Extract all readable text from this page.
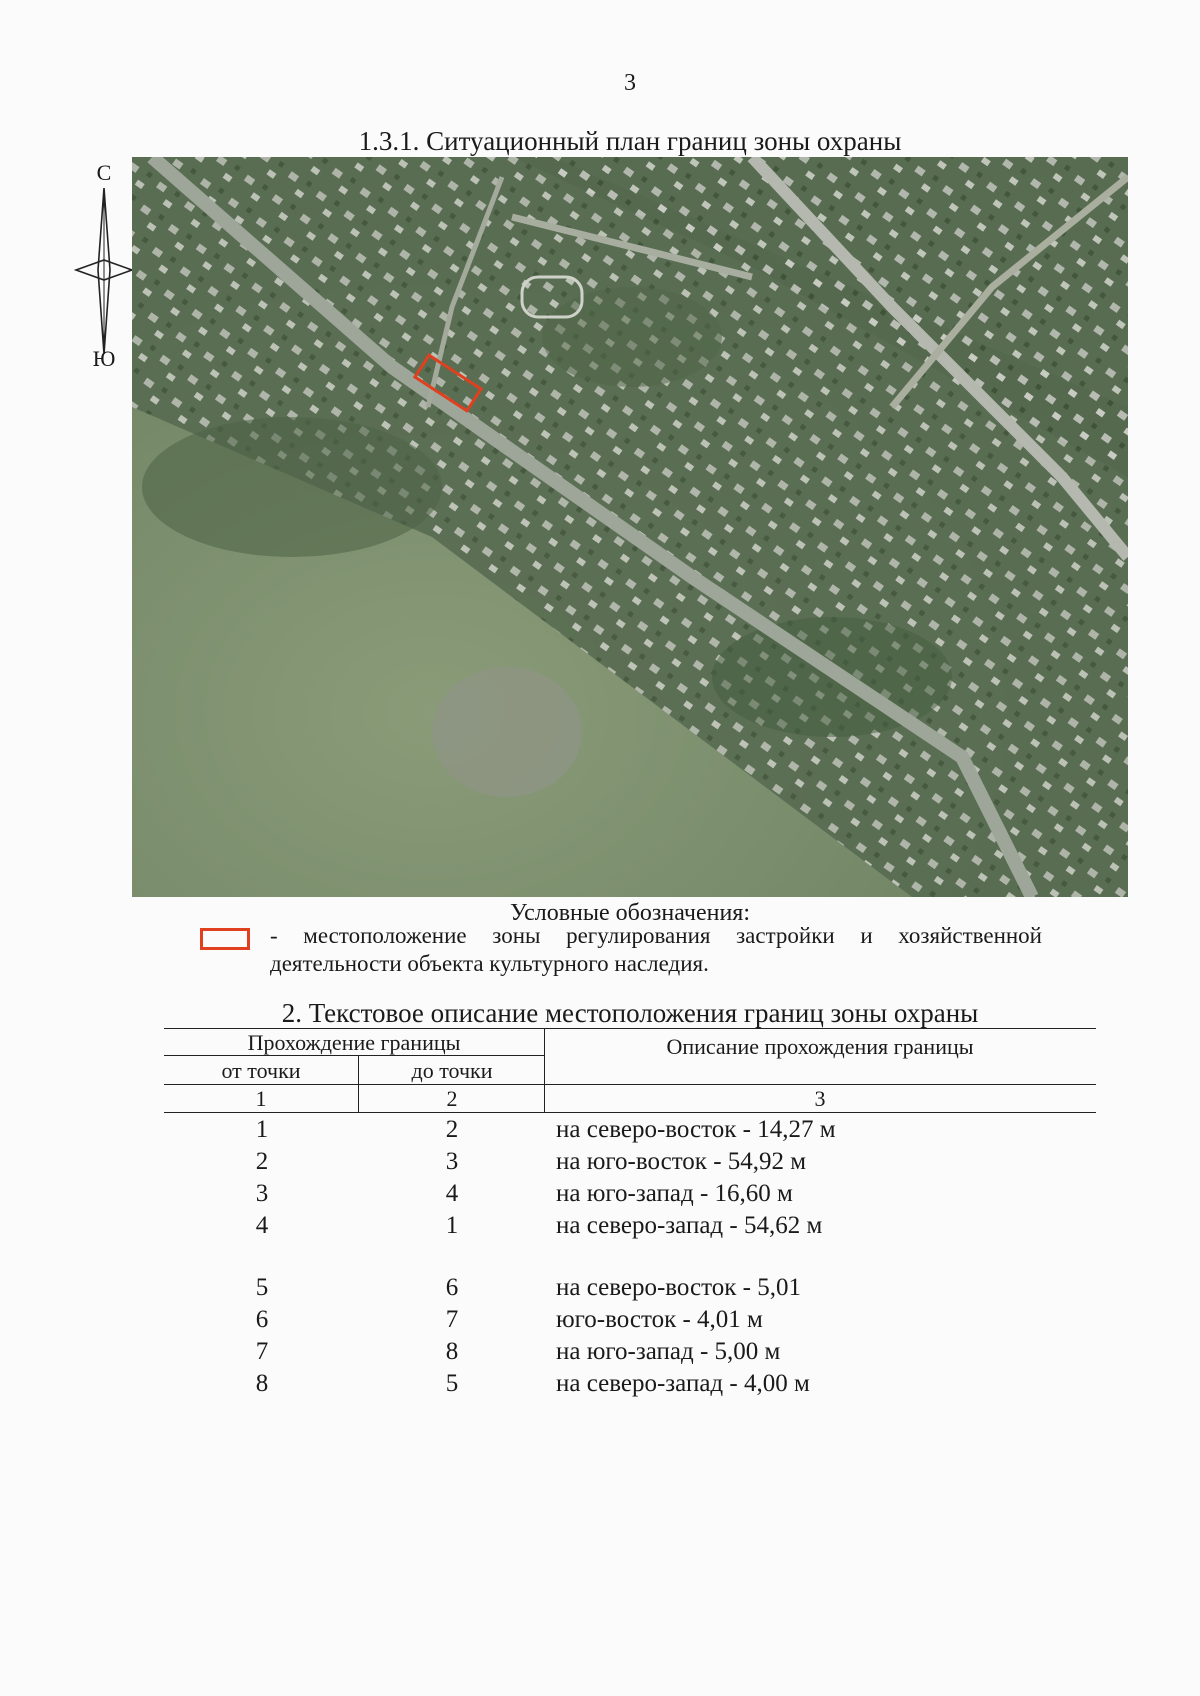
3
1.3.1. Ситуационный план границ зоны охраны
С
Ю
Условные обозначения:
- местоположение зоны регулирования застройки и хозяйственной деятельности объекта культурного наследия.
2. Текстовое описание местоположения границ зоны охраны
Прохождение границы	Описание прохождения границы
от точки	до точки
1	2	3
1	2	на северо-восток - 14,27 м
2	3	на юго-восток - 54,92 м
3	4	на юго-запад - 16,60 м
4	1	на северо-запад - 54,62 м
5	6	на северо-восток - 5,01
6	7	юго-восток - 4,01 м
7	8	на юго-запад - 5,00 м
8	5	на северо-запад - 4,00 м
